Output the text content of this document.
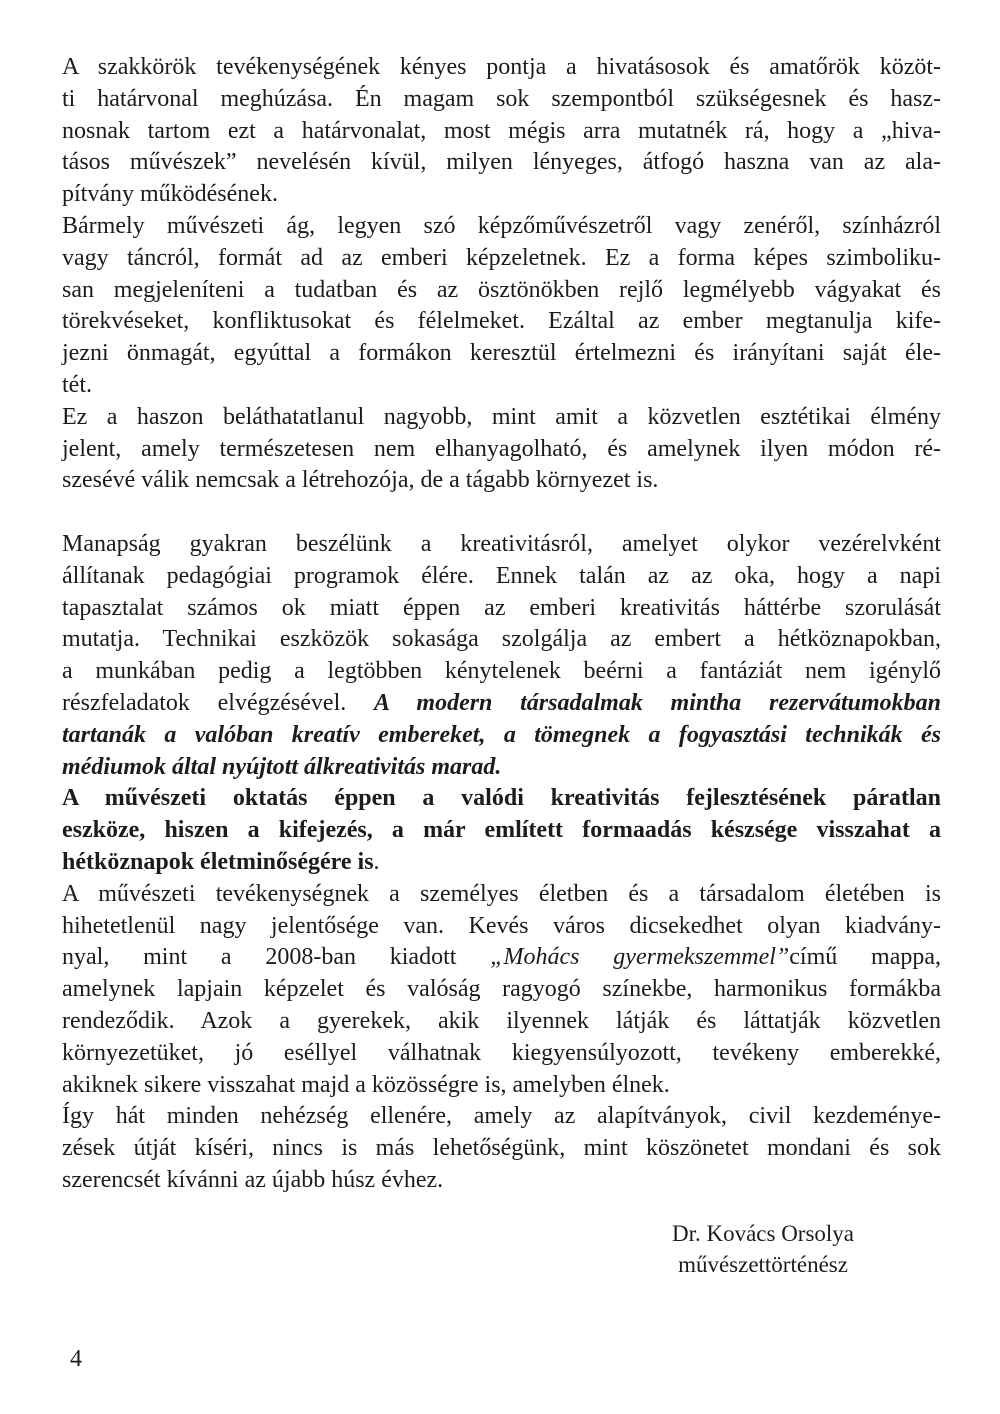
A szakkörök tevékenységének kényes pontja a hivatásosok és amatőrök közöt-
ti határvonal meghúzása. Én magam sok szempontból szükségesnek és hasz-
nosnak tartom ezt a határvonalat, most mégis arra mutatnék rá, hogy a „hiva-
tásos művészek” nevelésén kívül, milyen lényeges, átfogó haszna van az ala-
pítvány működésének.
Bármely művészeti ág, legyen szó képzőművészetről vagy zenéről, színházról
vagy táncról, formát ad az emberi képzeletnek. Ez a forma képes szimboliku-
san megjeleníteni a tudatban és az ösztönökben rejlő legmélyebb vágyakat és
törekvéseket, konfliktusokat és félelmeket. Ezáltal az ember megtanulja kife-
jezni önmagát, egyúttal a formákon keresztül értelmezni és irányítani saját éle-
tét.
Ez a haszon beláthatatlanul nagyobb, mint amit a közvetlen esztétikai élmény
jelent, amely természetesen nem elhanyagolható, és amelynek ilyen módon ré-
szesévé válik nemcsak a létrehozója, de a tágabb környezet is.
Manapság gyakran beszélünk a kreativitásról, amelyet olykor vezérelvként
állítanak pedagógiai programok élére. Ennek talán az az oka, hogy a napi
tapasztalat számos ok miatt éppen az emberi kreativitás háttérbe szorulását
mutatja. Technikai eszközök sokasága szolgálja az embert a hétköznapokban,
a munkában pedig a legtöbben kénytelenek beérni a fantáziát nem igénylő
részfeladatok elvégzésével. A modern társadalmak mintha rezervátumokban
tartanák a valóban kreatív embereket, a tömegnek a fogyasztási technikák és
médiumok által nyújtott álkreativitás marad.
A művészeti oktatás éppen a valódi kreativitás fejlesztésének páratlan
eszköze, hiszen a kifejezés, a már említett formaadás készsége visszahat a
hétköznapok életminőségére is.
A művészeti tevékenységnek a személyes életben és a társadalom életében is
hihetetlenül nagy jelentősége van. Kevés város dicsekedhet olyan kiadvány-
nyal, mint a 2008-ban kiadott „Mohács gyermekszemmel”című mappa,
amelynek lapjain képzelet és valóság ragyogó színekbe, harmonikus formákba
rendeződik. Azok a gyerekek, akik ilyennek látják és láttatják közvetlen
környezetüket, jó eséllyel válhatnak kiegyensúlyozott, tevékeny emberekké,
akiknek sikere visszahat majd a közösségre is, amelyben élnek.
Így hát minden nehézség ellenére, amely az alapítványok, civil kezdeménye-
zések útját kíséri, nincs is más lehetőségünk, mint köszönetet mondani és sok
szerencsét kívánni az újabb húsz évhez.
Dr. Kovács Orsolya
művészettörténész
4
